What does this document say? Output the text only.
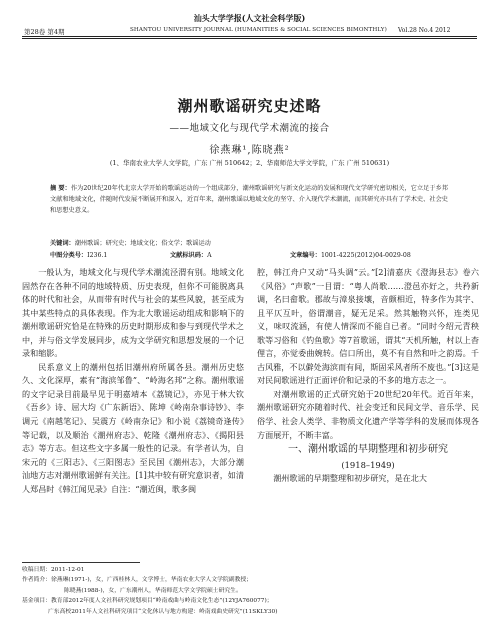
汕头大学学报(人文社会科学版)
第28卷 第4期	SHANTOU UNIVERSITY JOURNAL (HUMANITIES & SOCIAL SCIENCES BIMONTHLY) Vol.28 No.4 2012
潮州歌谣研究史述略
——地域文化与现代学术潮流的接合
徐燕琳¹,陈晓燕²
(1、华南农业大学人文学院，广东 广州 510642；2、华南师范大学文学院，广东 广州 510631)
摘 要：作为20世纪20年代北京大学开始的歌谣运动的一个组成部分，潮州歌谣研究与新文化运动的发展和现代文学研究密切相关，它立足于乡邦文献和地域文化，伴随时代发展不断展开和深入，近百年来，潮州歌谣以地域文化的坚守、介入现代学术潮流，而其研究亦具有了学术史、社会史和思想史意义。
关键词：潮州歌谣；研究史；地域文化；俗文学；歌谣运动
中图分类号：I236.1	文献标识码：A	文章编号：1001-4225(2012)04-0029-08

一般认为，地域文化与现代学术潮流泾渭有别。地域文化固然存在各种不同的地域特质、历史表现，但你不可能脱离具体的时代和社会，从而带有时代与社会的某些风貌，甚至成为其中某些特点的具体表现。作为北大歌谣运动组成和影响下的潮州歌谣研究恰是在特殊的历史时期形成和参与到现代学术之中，并与俗文学发展同步，成为文学研究和思想发展的一个记录和缩影。

民系意义上的潮州包括旧潮州府所属各县。潮州历史悠久、文化深厚，素有“海滨邹鲁”、“岭海名邦”之称。潮州歌谣的文字记录目前最早见于明嘉靖本《荔镜记》，亦见于林大钦《吾乡》诗、屈大均《广东新语》、陈坤《岭南杂事诗钞》、李调元《南越笔记》、吴震方《岭南杂记》和小说《荔镜奇逢传》等记载，以及顺治《潮州府志》、乾隆《潮州府志》、《揭阳县志》等方志。但这些文字多属一般性的记录。有学者认为，自宋元的《三阳志》、《三阳图志》至民国《潮州志》，大部分潮汕地方志对潮州歌谣鲜有关注。[1]其中较有研究意识者，如清人郑昌时《韩江闻见录》自注：“潮近闽，歌多闽

腔，韩江舟户又动“马头调”云。”[2]清嘉庆《澄海县志》卷六《风俗》“声歌”一目谓：“粤人尚歌……澄邑亦好之，共矜新调，名曰畲歌。郡故与漳泉接壤，音颇相近，特多作为其字、且平仄互叶，俗谓潮音，疑无足采。然其触物兴怀，连类见义，味叹流涵，有使人情深而不能自已者。“同时今绍元青秧歌等习俗和《钓鱼歌》等7首歌谣，谓其“天机所触，村以上杳俚言，亦觉委曲婉转。信口所出，莫不有自然和叶之韵焉。千古风雅，不以僻处海滨而有间，斯固采风者所不废也。”[3]这是对民间歌谣进行正面评价和记录的不多的地方志之一。

对潮州歌谣的正式研究始于20世纪20年代。近百年来，潮州歌谣研究亦随着时代、社会变迁和民间文学、音乐学、民俗学、社会人类学、非物质文化遗产学等学科的发展而体现各方面展开，不断丰富。

一、潮州歌谣的早期整理和初步研究

(1918–1949)

潮州歌谣的早期整理和初步研究，是在北大

收稿日期：2011-12-01
作者简介：徐燕琳(1971-)，女，广西桂林人，文学博士，华南农业大学人文学院副教授；
陈晓燕(1988-)，女，广东潮州人，华南师范大学文学院硕士研究生。
基金项目：教育部2012年度人文社科研究规划项目“岭南戏曲与岭南文化生态”(12YJA760077)；
广东高校2011年人文社科研究项目“文化休认与地方构建：岭南戏曲史研究”(11SKLY30)
